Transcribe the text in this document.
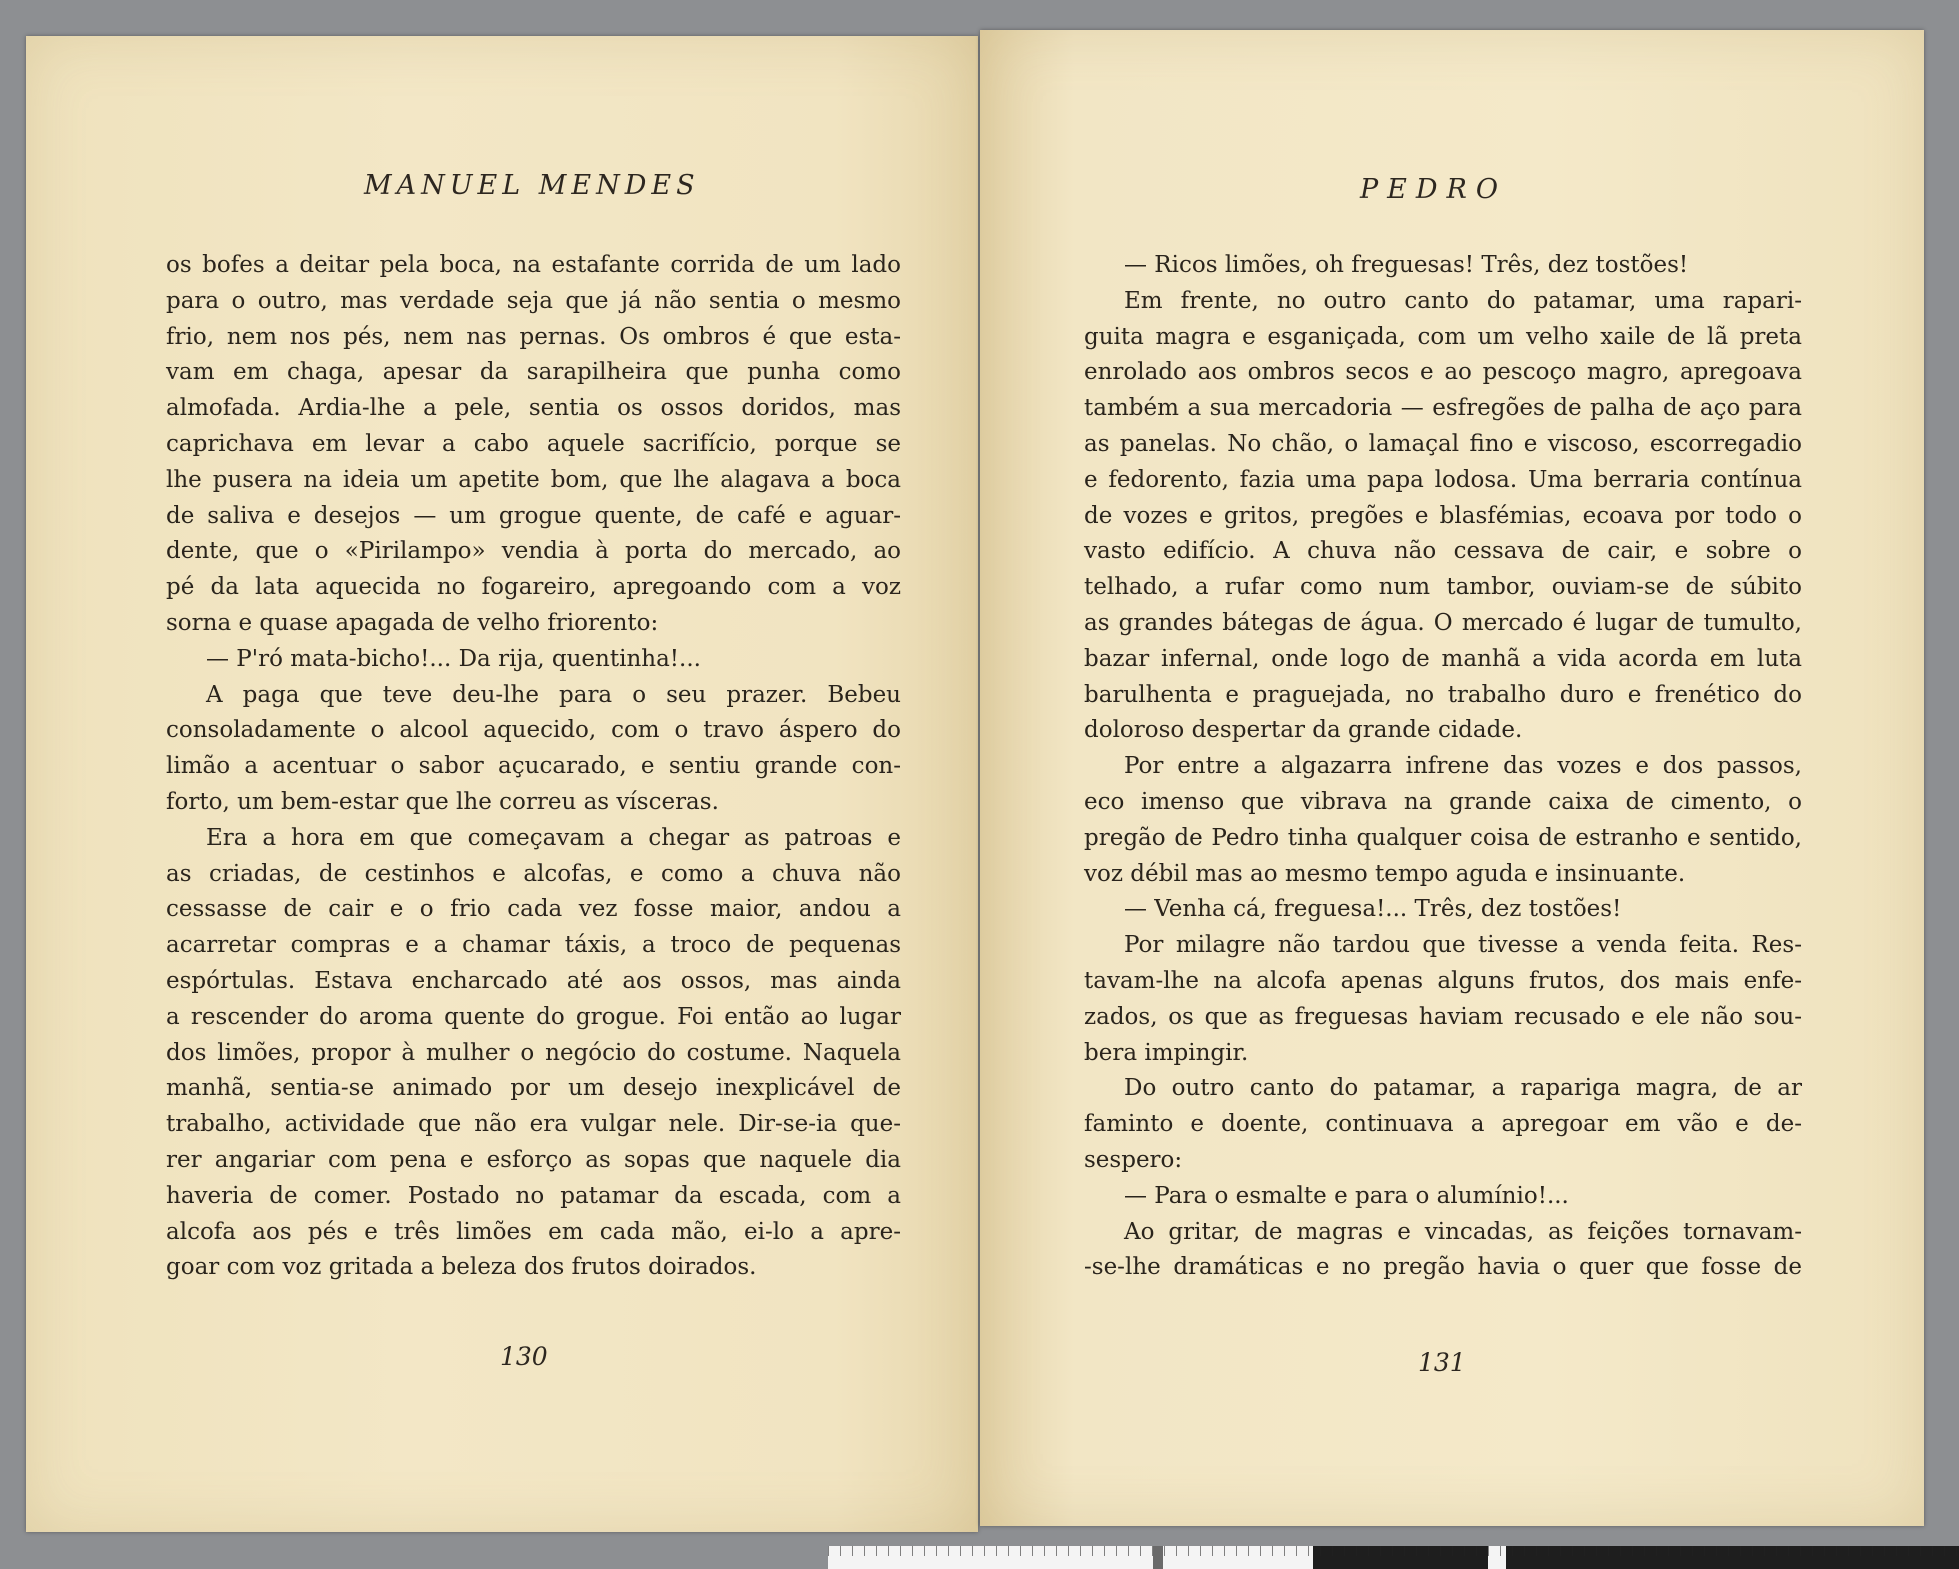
MANUEL MENDES
os bofes a deitar pela boca, na estafante corrida de um lado
para o outro, mas verdade seja que já não sentia o mesmo
frio, nem nos pés, nem nas pernas. Os ombros é que esta-
vam em chaga, apesar da sarapilheira que punha como
almofada. Ardia-lhe a pele, sentia os ossos doridos, mas
caprichava em levar a cabo aquele sacrifício, porque se
lhe pusera na ideia um apetite bom, que lhe alagava a boca
de saliva e desejos — um grogue quente, de café e aguar-
dente, que o «Pirilampo» vendia à porta do mercado, ao
pé da lata aquecida no fogareiro, apregoando com a voz
sorna e quase apagada de velho friorento:
— P'ró mata-bicho!... Da rija, quentinha!...
A paga que teve deu-lhe para o seu prazer. Bebeu
consoladamente o alcool aquecido, com o travo áspero do
limão a acentuar o sabor açucarado, e sentiu grande con-
forto, um bem-estar que lhe correu as vísceras.
Era a hora em que começavam a chegar as patroas e
as criadas, de cestinhos e alcofas, e como a chuva não
cessasse de cair e o frio cada vez fosse maior, andou a
acarretar compras e a chamar táxis, a troco de pequenas
espórtulas. Estava encharcado até aos ossos, mas ainda
a rescender do aroma quente do grogue. Foi então ao lugar
dos limões, propor à mulher o negócio do costume. Naquela
manhã, sentia-se animado por um desejo inexplicável de
trabalho, actividade que não era vulgar nele. Dir-se-ia que-
rer angariar com pena e esforço as sopas que naquele dia
haveria de comer. Postado no patamar da escada, com a
alcofa aos pés e três limões em cada mão, ei-lo a apre-
goar com voz gritada a beleza dos frutos doirados.
130
PEDRO
— Ricos limões, oh freguesas! Três, dez tostões!
Em frente, no outro canto do patamar, uma rapari-
guita magra e esganiçada, com um velho xaile de lã preta
enrolado aos ombros secos e ao pescoço magro, apregoava
também a sua mercadoria — esfregões de palha de aço para
as panelas. No chão, o lamaçal fino e viscoso, escorregadio
e fedorento, fazia uma papa lodosa. Uma berraria contínua
de vozes e gritos, pregões e blasfémias, ecoava por todo o
vasto edifício. A chuva não cessava de cair, e sobre o
telhado, a rufar como num tambor, ouviam-se de súbito
as grandes bátegas de água. O mercado é lugar de tumulto,
bazar infernal, onde logo de manhã a vida acorda em luta
barulhenta e praguejada, no trabalho duro e frenético do
doloroso despertar da grande cidade.
Por entre a algazarra infrene das vozes e dos passos,
eco imenso que vibrava na grande caixa de cimento, o
pregão de Pedro tinha qualquer coisa de estranho e sentido,
voz débil mas ao mesmo tempo aguda e insinuante.
— Venha cá, freguesa!... Três, dez tostões!
Por milagre não tardou que tivesse a venda feita. Res-
tavam-lhe na alcofa apenas alguns frutos, dos mais enfe-
zados, os que as freguesas haviam recusado e ele não sou-
bera impingir.
Do outro canto do patamar, a rapariga magra, de ar
faminto e doente, continuava a apregoar em vão e de-
sespero:
— Para o esmalte e para o alumínio!...
Ao gritar, de magras e vincadas, as feições tornavam-
-se-lhe dramáticas e no pregão havia o quer que fosse de
131
